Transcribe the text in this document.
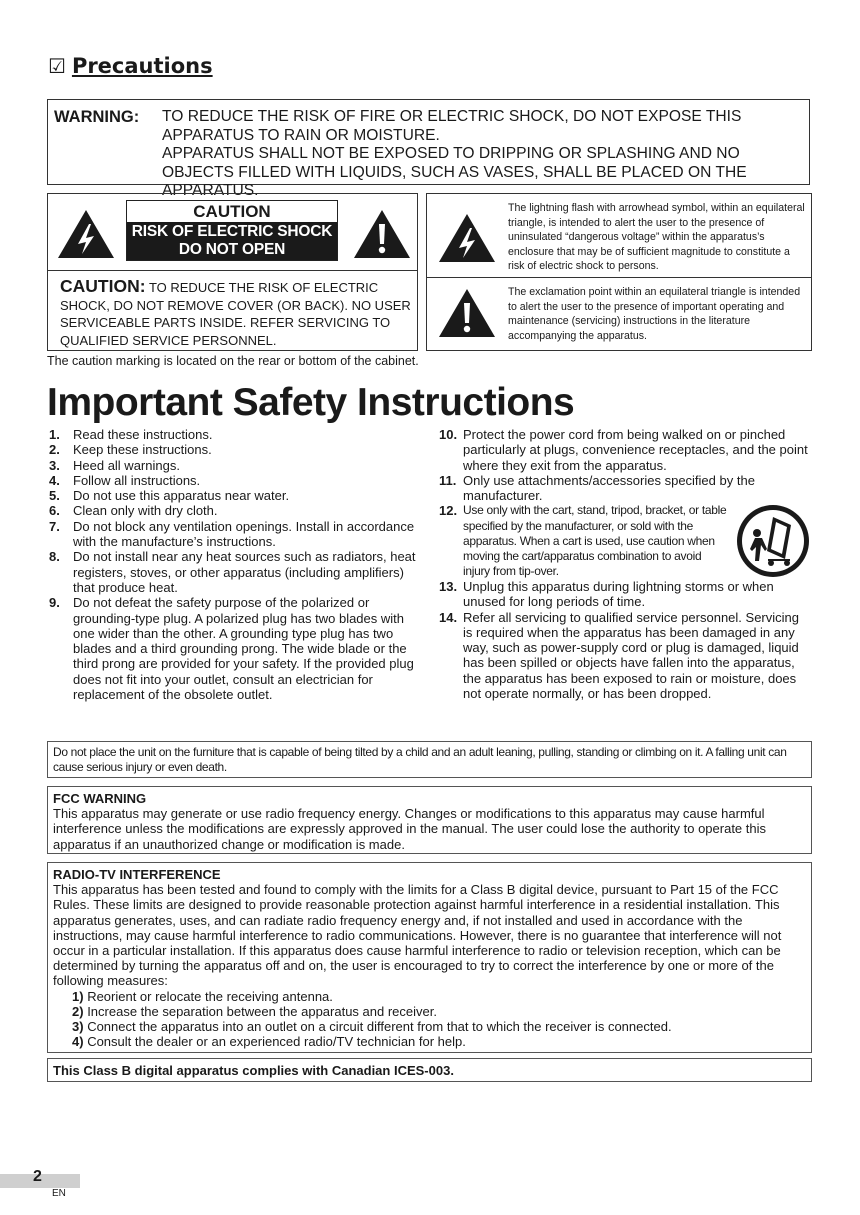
☑ Precautions
WARNING: TO REDUCE THE RISK OF FIRE OR ELECTRIC SHOCK, DO NOT EXPOSE THIS APPARATUS TO RAIN OR MOISTURE.
APPARATUS SHALL NOT BE EXPOSED TO DRIPPING OR SPLASHING AND NO OBJECTS FILLED WITH LIQUIDS, SUCH AS VASES, SHALL BE PLACED ON THE APPARATUS.
CAUTION
RISK OF ELECTRIC SHOCK
DO NOT OPEN
CAUTION: TO REDUCE THE RISK OF ELECTRIC SHOCK, DO NOT REMOVE COVER (OR BACK). NO USER SERVICEABLE PARTS INSIDE. REFER SERVICING TO QUALIFIED SERVICE PERSONNEL.
The lightning flash with arrowhead symbol, within an equilateral triangle, is intended to alert the user to the presence of uninsulated “dangerous voltage” within the apparatus’s enclosure that may be of sufficient magnitude to constitute a risk of electric shock to persons.
The exclamation point within an equilateral triangle is intended to alert the user to the presence of important operating and maintenance (servicing) instructions in the literature accompanying the apparatus.
The caution marking is located on the rear or bottom of the cabinet.
Important Safety Instructions
1. Read these instructions.
2. Keep these instructions.
3. Heed all warnings.
4. Follow all instructions.
5. Do not use this apparatus near water.
6. Clean only with dry cloth.
7. Do not block any ventilation openings. Install in accordance with the manufacture’s instructions.
8. Do not install near any heat sources such as radiators, heat registers, stoves, or other apparatus (including amplifiers) that produce heat.
9. Do not defeat the safety purpose of the polarized or grounding-type plug. A polarized plug has two blades with one wider than the other. A grounding type plug has two blades and a third grounding prong. The wide blade or the third prong are provided for your safety. If the provided plug does not fit into your outlet, consult an electrician for replacement of the obsolete outlet.
10. Protect the power cord from being walked on or pinched particularly at plugs, convenience receptacles, and the point where they exit from the apparatus.
11. Only use attachments/accessories specified by the manufacturer.
12. Use only with the cart, stand, tripod, bracket, or table specified by the manufacturer, or sold with the apparatus. When a cart is used, use caution when moving the cart/apparatus combination to avoid injury from tip-over.
13. Unplug this apparatus during lightning storms or when unused for long periods of time.
14. Refer all servicing to qualified service personnel. Servicing is required when the apparatus has been damaged in any way, such as power-supply cord or plug is damaged, liquid has been spilled or objects have fallen into the apparatus, the apparatus has been exposed to rain or moisture, does not operate normally, or has been dropped.
Do not place the unit on the furniture that is capable of being tilted by a child and an adult leaning, pulling, standing or climbing on it. A falling unit can cause serious injury or even death.
FCC WARNING
This apparatus may generate or use radio frequency energy. Changes or modifications to this apparatus may cause harmful interference unless the modifications are expressly approved in the manual. The user could lose the authority to operate this apparatus if an unauthorized change or modification is made.
RADIO-TV INTERFERENCE
This apparatus has been tested and found to comply with the limits for a Class B digital device, pursuant to Part 15 of the FCC Rules. These limits are designed to provide reasonable protection against harmful interference in a residential installation. This apparatus generates, uses, and can radiate radio frequency energy and, if not installed and used in accordance with the instructions, may cause harmful interference to radio communications. However, there is no guarantee that interference will not occur in a particular installation. If this apparatus does cause harmful interference to radio or television reception, which can be determined by turning the apparatus off and on, the user is encouraged to try to correct the interference by one or more of the following measures:
1) Reorient or relocate the receiving antenna.
2) Increase the separation between the apparatus and receiver.
3) Connect the apparatus into an outlet on a circuit different from that to which the receiver is connected.
4) Consult the dealer or an experienced radio/TV technician for help.
This Class B digital apparatus complies with Canadian ICES-003.
2
EN
